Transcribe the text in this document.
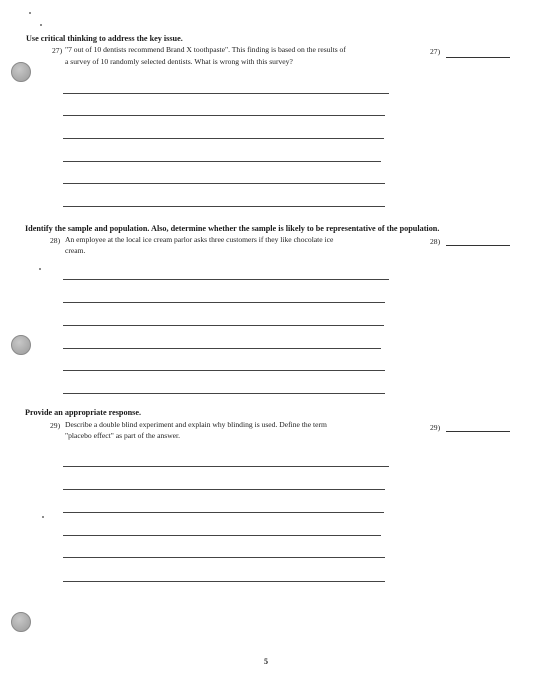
Use critical thinking to address the key issue.
27) "7 out of 10 dentists recommend Brand X toothpaste". This finding is based on the results of
a survey of 10 randomly selected dentists. What is wrong with this survey?
27)
Identify the sample and population. Also, determine whether the sample is likely to be representative of the population.
28) An employee at the local ice cream parlor asks three customers if they like chocolate ice
cream.
28)
Provide an appropriate response.
29) Describe a double blind experiment and explain why blinding is used. Define the term
"placebo effect" as part of the answer.
29)
5
